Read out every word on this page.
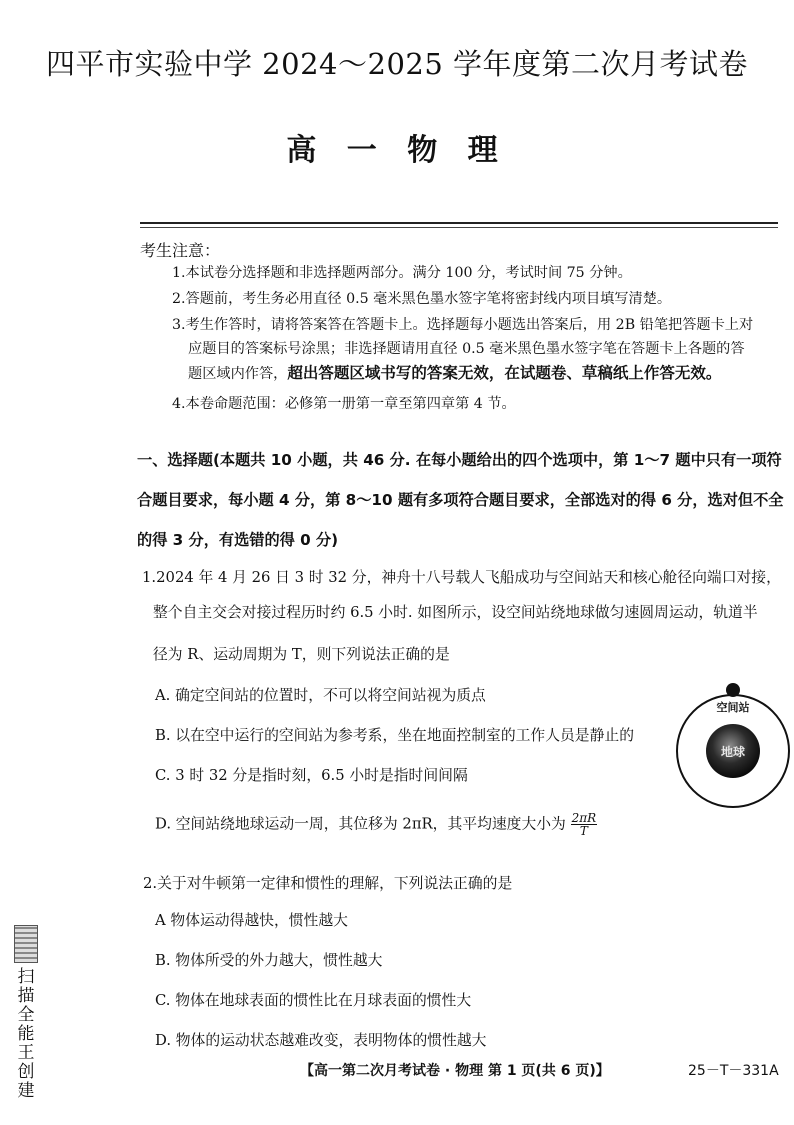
四平市实验中学 2024～2025 学年度第二次月考试卷
高 一 物 理
考生注意：
1.本试卷分选择题和非选择题两部分。满分 100 分，考试时间 75 分钟。
2.答题前，考生务必用直径 0.5 毫米黑色墨水签字笔将密封线内项目填写清楚。
3.考生作答时，请将答案答在答题卡上。选择题每小题选出答案后，用 2B 铅笔把答题卡上对
应题目的答案标号涂黑；非选择题请用直径 0.5 毫米黑色墨水签字笔在答题卡上各题的答
题区域内作答，超出答题区域书写的答案无效，在试题卷、草稿纸上作答无效。
4.本卷命题范围：必修第一册第一章至第四章第 4 节。
一、选择题(本题共 10 小题，共 46 分. 在每小题给出的四个选项中，第 1～7 题中只有一项符合题目要求，每小题 4 分，第 8～10 题有多项符合题目要求，全部选对的得 6 分，选对但不全的得 3 分，有选错的得 0 分)
1.2024 年 4 月 26 日 3 时 32 分，神舟十八号载人飞船成功与空间站天和核心舱径向端口对接，
整个自主交会对接过程历时约 6.5 小时. 如图所示，设空间站绕地球做匀速圆周运动，轨道半
径为 R、运动周期为 T，则下列说法正确的是
A. 确定空间站的位置时，不可以将空间站视为质点
B. 以在空中运行的空间站为参考系，坐在地面控制室的工作人员是静止的
C. 3 时 32 分是指时刻，6.5 小时是指时间间隔
D. 空间站绕地球运动一周，其位移为 2πR，其平均速度大小为 $\frac{2\pi R}{T}$
空间站
地球
2.关于对牛顿第一定律和惯性的理解，下列说法正确的是
A 物体运动得越快，惯性越大
B. 物体所受的外力越大，惯性越大
C. 物体在地球表面的惯性比在月球表面的惯性大
D. 物体的运动状态越难改变，表明物体的惯性越大
【高一第二次月考试卷 · 物理 第 1 页(共 6 页)】	25－T－331A
扫描全能王 创建
